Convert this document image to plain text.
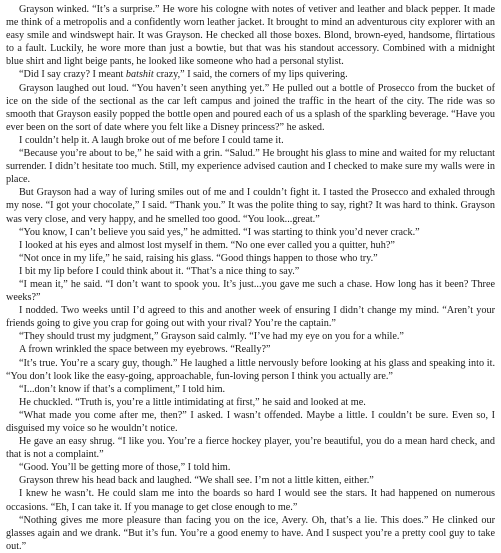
Grayson winked. “It’s a surprise.” He wore his cologne with notes of vetiver and leather and black pepper. It made me think of a metropolis and a confidently worn leather jacket. It brought to mind an adventurous city explorer with an easy smile and windswept hair. It was Grayson. He checked all those boxes. Blond, brown-eyed, handsome, flirtatious to a fault. Luckily, he wore more than just a bowtie, but that was his standout accessory. Combined with a midnight blue shirt and light beige pants, he looked like someone who had a personal stylist.

“Did I say crazy? I meant batshit crazy,” I said, the corners of my lips quivering.

Grayson laughed out loud. “You haven’t seen anything yet.” He pulled out a bottle of Prosecco from the bucket of ice on the side of the sectional as the car left campus and joined the traffic in the heart of the city. The ride was so smooth that Grayson easily popped the bottle open and poured each of us a splash of the sparkling beverage. “Have you ever been on the sort of date where you felt like a Disney princess?” he asked.

I couldn’t help it. A laugh broke out of me before I could tame it.

“Because you’re about to be,” he said with a grin. “Salud.” He brought his glass to mine and waited for my reluctant surrender. I didn’t hesitate too much. Still, my experience advised caution and I checked to make sure my walls were in place.

But Grayson had a way of luring smiles out of me and I couldn’t fight it. I tasted the Prosecco and exhaled through my nose. “I got your chocolate,” I said. “Thank you.” It was the polite thing to say, right? It was hard to think. Grayson was very close, and very happy, and he smelled too good. “You look...great.”

“You know, I can’t believe you said yes,” he admitted. “I was starting to think you’d never crack.”

I looked at his eyes and almost lost myself in them. “No one ever called you a quitter, huh?”

“Not once in my life,” he said, raising his glass. “Good things happen to those who try.”

I bit my lip before I could think about it. “That’s a nice thing to say.”

“I mean it,” he said. “I don’t want to spook you. It’s just...you gave me such a chase. How long has it been? Three weeks?”

I nodded. Two weeks until I’d agreed to this and another week of ensuring I didn’t change my mind. “Aren’t your friends going to give you crap for going out with your rival? You’re the captain.”

“They should trust my judgment,” Grayson said calmly. “I’ve had my eye on you for a while.”

A frown wrinkled the space between my eyebrows. “Really?”

“It’s true. You’re a scary guy, though.” He laughed a little nervously before looking at his glass and speaking into it. “You don’t look like the easy-going, approachable, fun-loving person I think you actually are.”

“I...don’t know if that’s a compliment,” I told him.

He chuckled. “Truth is, you’re a little intimidating at first,” he said and looked at me.

“What made you come after me, then?” I asked. I wasn’t offended. Maybe a little. I couldn’t be sure. Even so, I disguised my voice so he wouldn’t notice.

He gave an easy shrug. “I like you. You’re a fierce hockey player, you’re beautiful, you do a mean hard check, and that is not a complaint.”

“Good. You’ll be getting more of those,” I told him.

Grayson threw his head back and laughed. “We shall see. I’m not a little kitten, either.”

I knew he wasn’t. He could slam me into the boards so hard I would see the stars. It had happened on numerous occasions. “Eh, I can take it. If you manage to get close enough to me.”

“Nothing gives me more pleasure than facing you on the ice, Avery. Oh, that’s a lie. This does.” He clinked our glasses again and we drank. “But it’s fun. You’re a good enemy to have. And I suspect you’re a pretty cool guy to take out.”
